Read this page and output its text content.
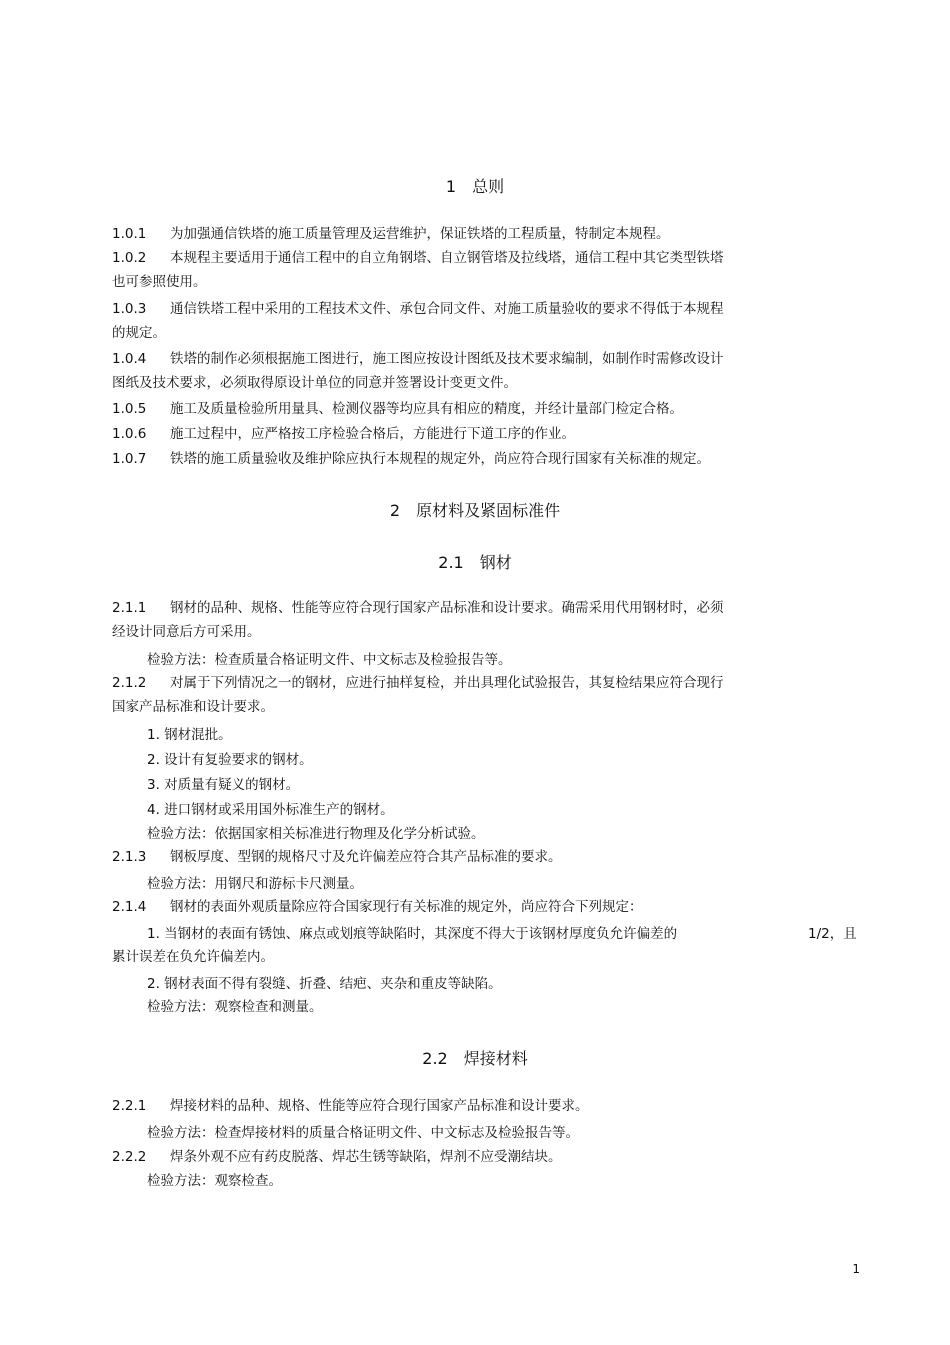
1 总则
1.0.1 为加强通信铁塔的施工质量管理及运营维护，保证铁塔的工程质量，特制定本规程。
1.0.2 本规程主要适用于通信工程中的自立角钢塔、自立钢管塔及拉线塔，通信工程中其它类型铁塔
也可参照使用。
1.0.3 通信铁塔工程中采用的工程技术文件、承包合同文件、对施工质量验收的要求不得低于本规程
的规定。
1.0.4 铁塔的制作必须根据施工图进行，施工图应按设计图纸及技术要求编制，如制作时需修改设计
图纸及技术要求，必须取得原设计单位的同意并签署设计变更文件。
1.0.5 施工及质量检验所用量具、检测仪器等均应具有相应的精度，并经计量部门检定合格。
1.0.6 施工过程中，应严格按工序检验合格后，方能进行下道工序的作业。
1.0.7 铁塔的施工质量验收及维护除应执行本规程的规定外，尚应符合现行国家有关标准的规定。
2 原材料及紧固标准件
2.1 钢材
2.1.1 钢材的品种、规格、性能等应符合现行国家产品标准和设计要求。确需采用代用钢材时，必须
经设计同意后方可采用。
检验方法：检查质量合格证明文件、中文标志及检验报告等。
2.1.2 对属于下列情况之一的钢材，应进行抽样复检，并出具理化试验报告，其复检结果应符合现行
国家产品标准和设计要求。
1. 钢材混批。
2. 设计有复验要求的钢材。
3. 对质量有疑义的钢材。
4. 进口钢材或采用国外标准生产的钢材。
检验方法：依据国家相关标准进行物理及化学分析试验。
2.1.3 钢板厚度、型钢的规格尺寸及允许偏差应符合其产品标准的要求。
检验方法：用钢尺和游标卡尺测量。
2.1.4 钢材的表面外观质量除应符合国家现行有关标准的规定外，尚应符合下列规定：
1. 当钢材的表面有锈蚀、麻点或划痕等缺陷时，其深度不得大于该钢材厚度负允许偏差的	1/2，且
累计误差在负允许偏差内。
2. 钢材表面不得有裂缝、折叠、结疤、夹杂和重皮等缺陷。
检验方法：观察检查和测量。
2.2 焊接材料
2.2.1 焊接材料的品种、规格、性能等应符合现行国家产品标准和设计要求。
检验方法：检查焊接材料的质量合格证明文件、中文标志及检验报告等。
2.2.2 焊条外观不应有药皮脱落、焊芯生锈等缺陷，焊剂不应受潮结块。
检验方法：观察检查。
1
